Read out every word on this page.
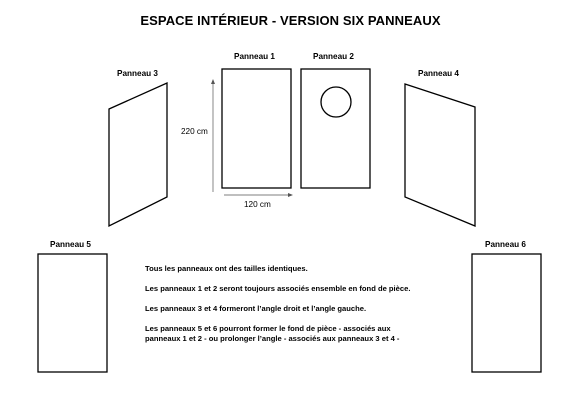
ESPACE INTÉRIEUR - VERSION SIX PANNEAUX
Panneau 1	Panneau 2
Panneau 3	Panneau 4
Panneau 5	Panneau 6
220 cm
120 cm

Tous les panneaux ont des tailles identiques.

Les panneaux 1 et 2 seront toujours associés ensemble en fond de pièce.

Les panneaux 3 et 4 formeront l’angle droit et l’angle gauche.

Les panneaux 5 et 6 pourront former le fond de pièce - associés aux

panneaux 1 et 2 - ou prolonger l’angle - associés aux panneaux 3 et 4 -
